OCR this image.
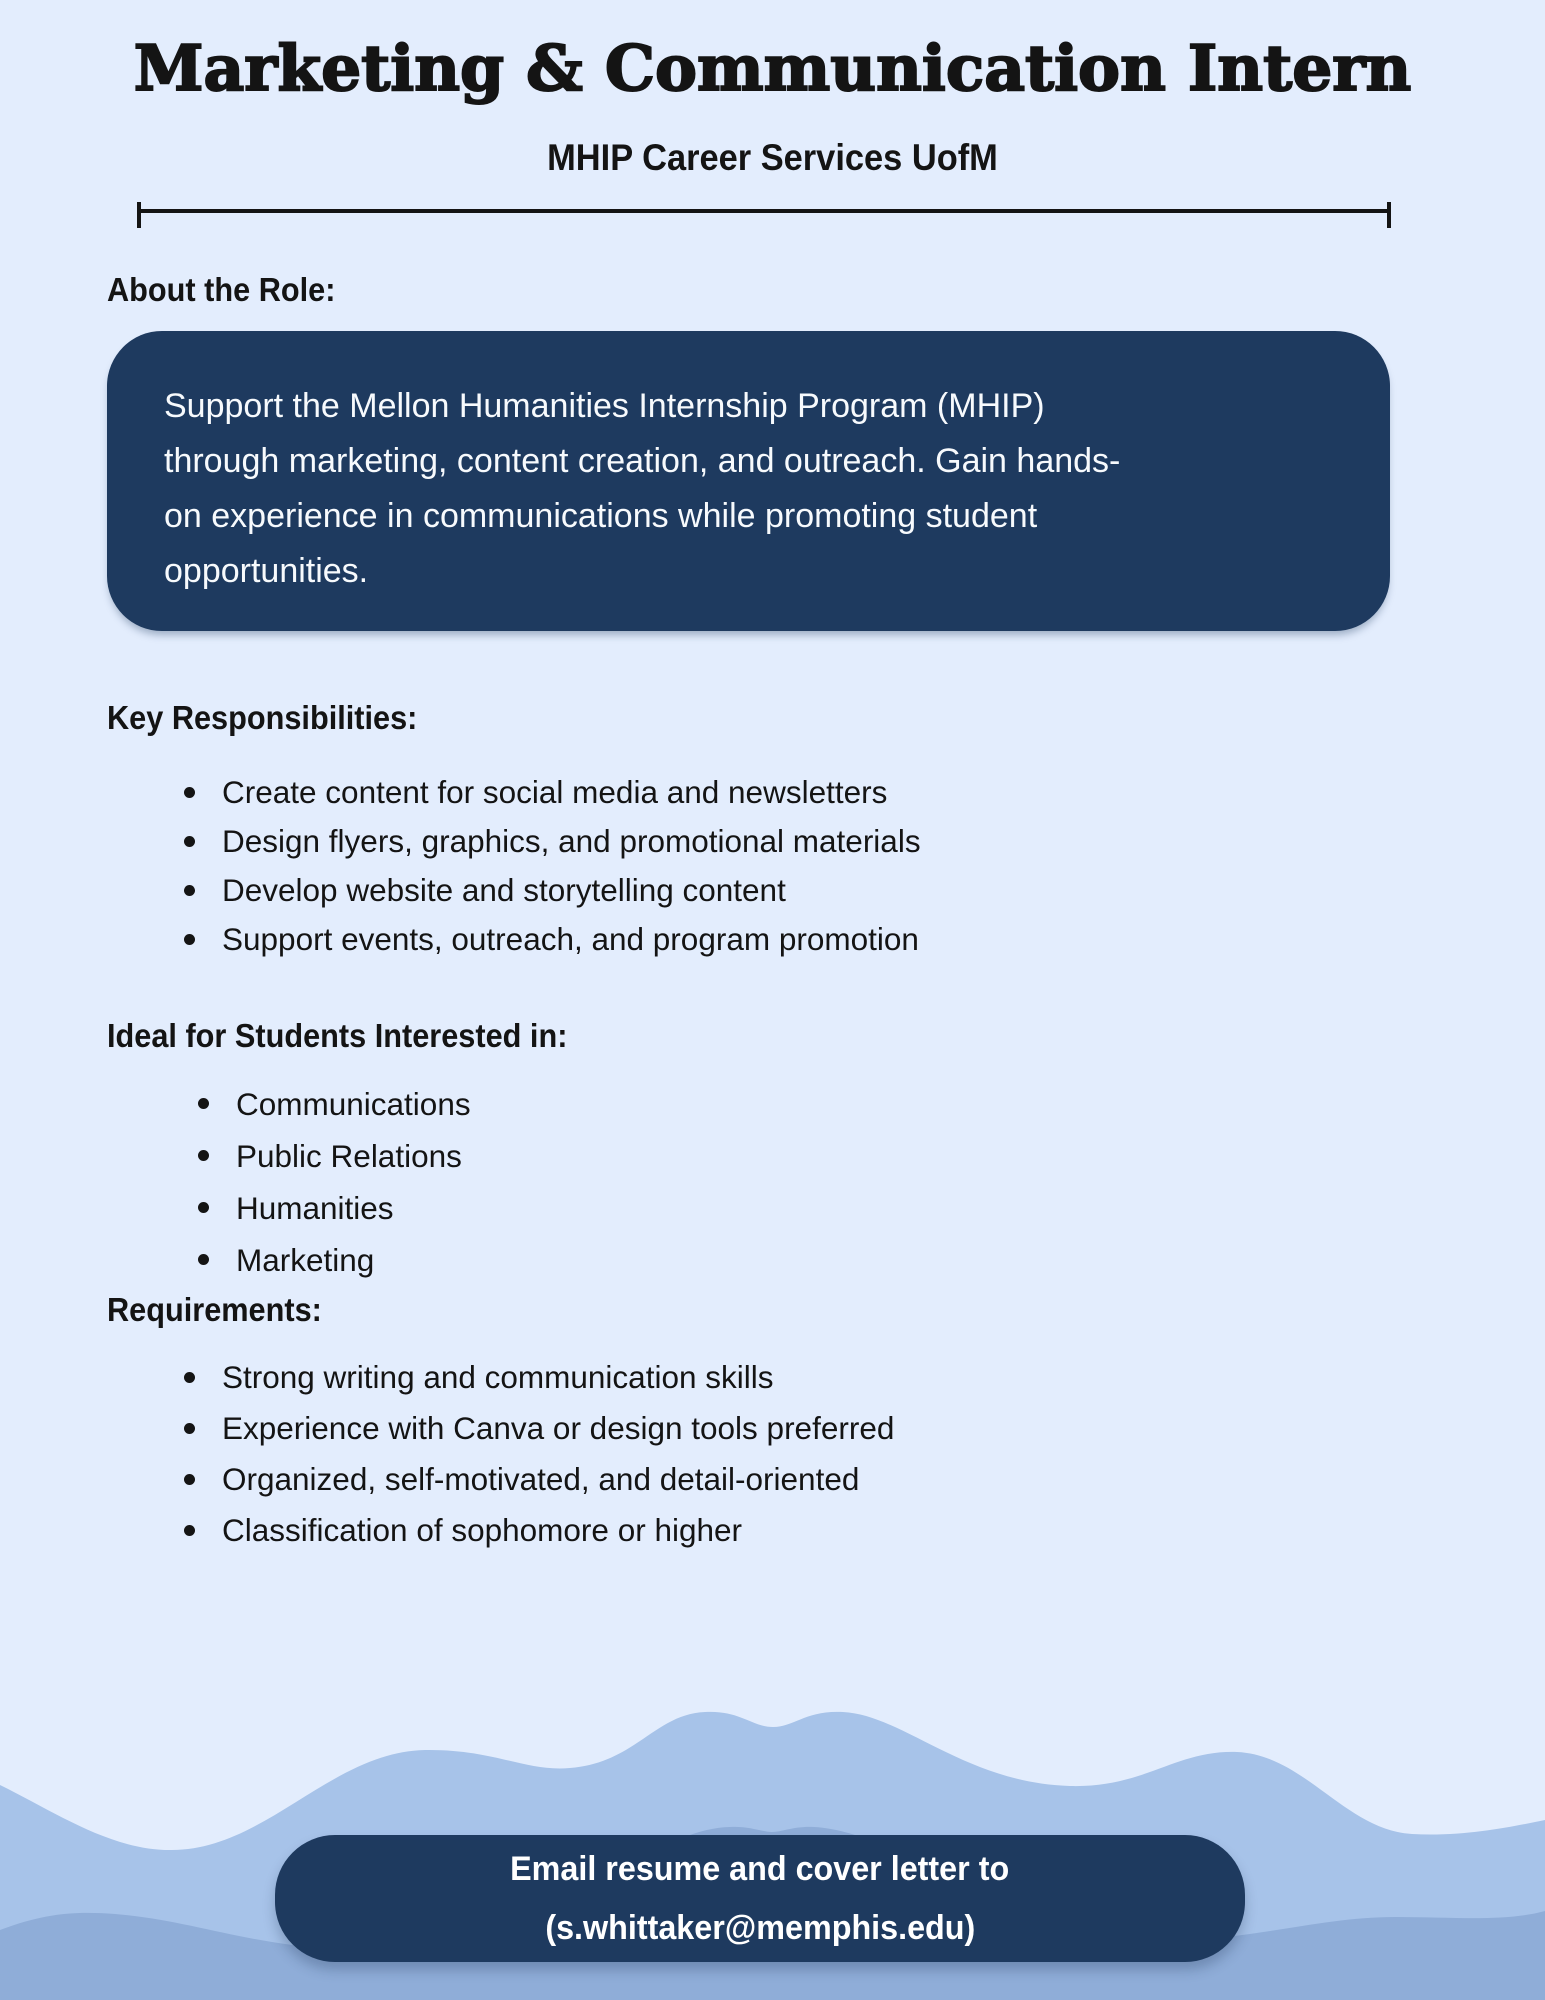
Marketing & Communication Intern
MHIP Career Services UofM
About the Role:
Support the Mellon Humanities Internship Program (MHIP)
through marketing, content creation, and outreach. Gain hands-
on experience in communications while promoting student
opportunities.
Key Responsibilities:
Create content for social media and newsletters
Design flyers, graphics, and promotional materials
Develop website and storytelling content
Support events, outreach, and program promotion
Ideal for Students Interested in:
Communications
Public Relations
Humanities
Marketing
Requirements:
Strong writing and communication skills
Experience with Canva or design tools preferred
Organized, self-motivated, and detail-oriented
Classification of sophomore or higher
Email resume and cover letter to
(s.whittaker@memphis.edu)
